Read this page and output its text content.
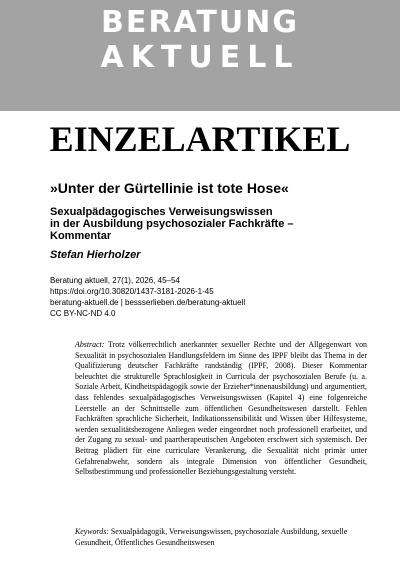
BERATUNG
AKTUELL
EINZELARTIKEL
»Unter der Gürtellinie ist tote Hose«
Sexualpädagogisches Verweisungswissen
in der Ausbildung psychosozialer Fachkräfte –
Kommentar
Stefan Hierholzer
Beratung aktuell, 27(1), 2026, 45–54
https://doi.org/10.30820/1437-3181-2026-1-45
beratung-aktuell.de | bessserlieben.de/beratung-aktuell
CC BY-NC-ND 4.0

Abstract: Trotz völkerrechtlich anerkannter sexueller Rechte und der Allgegenwart von Sexualität in psychosozialen Handlungsfeldern im Sinne des IPPF bleibt das Thema in der Qualifizierung deutscher Fachkräfte randständig (IPPF, 2008). Dieser Kommentar beleuchtet die strukturelle Sprachlosigkeit in Curricula der psychosozialen Berufe (u. a. Soziale Arbeit, Kindheitspädagogik sowie der Erzieher*innenausbildung) und argumentiert, dass fehlendes sexualpädagogisches Verweisungswissen (Kapitel 4) eine folgenreiche Leerstelle an der Schnittstelle zum öffentlichen Gesundheitswesen darstellt. Fehlen Fachkräften sprachliche Sicherheit, Indikationssensibilität und Wissen über Hilfesysteme, werden sexualitätsbezogene Anliegen weder eingeordnet noch professionell erarbeitet, und der Zugang zu sexual- und paartherapeutischen Angeboten erschwert sich systemisch. Der Beitrag plädiert für eine curriculare Verankerung, die Sexualität nicht primär unter Gefahrenabwehr, sondern als integrale Dimension von öffentlicher Gesundheit, Selbstbestimmung und professioneller Beziehungsgestaltung versteht.

Keywords: Sexualpädagogik, Verweisungswissen, psychosoziale Ausbildung, sexuelle Gesundheit, Öffentliches Gesundheitswesen
